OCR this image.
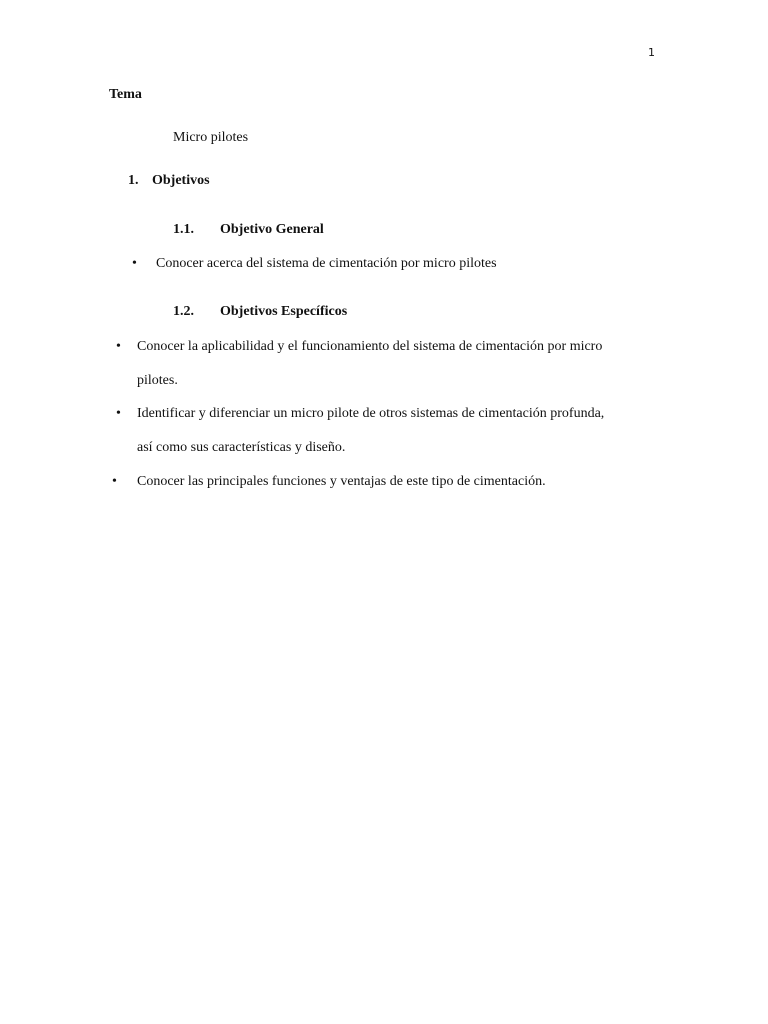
1
Tema
Micro pilotes
1. Objetivos
1.1. Objetivo General
• Conocer acerca del sistema de cimentación por micro pilotes
1.2. Objetivos Específicos
• Conocer la aplicabilidad y el funcionamiento del sistema de cimentación por micro
pilotes.
• Identificar y diferenciar un micro pilote de otros sistemas de cimentación profunda,
así como sus características y diseño.
• Conocer las principales funciones y ventajas de este tipo de cimentación.
